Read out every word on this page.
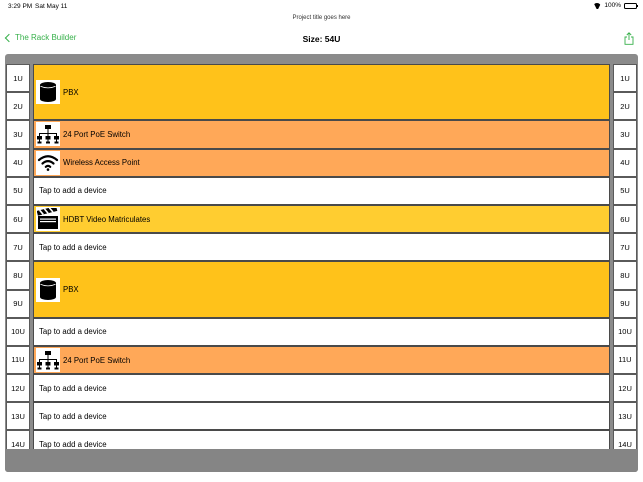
3:29 PM Sat May 11	100%
Project title goes here
The Rack Builder	Size: 54U
1U
2U
3U
4U
5U
6U
7U
8U
9U
10U
11U
12U
13U
14U
PBX
24 Port PoE Switch
Wireless Access Point
Tap to add a device
HDBT Video Matriculates
Tap to add a device
PBX
Tap to add a device
24 Port PoE Switch
Tap to add a device
Tap to add a device
Tap to add a device
1U
2U
3U
4U
5U
6U
7U
8U
9U
10U
11U
12U
13U
14U
